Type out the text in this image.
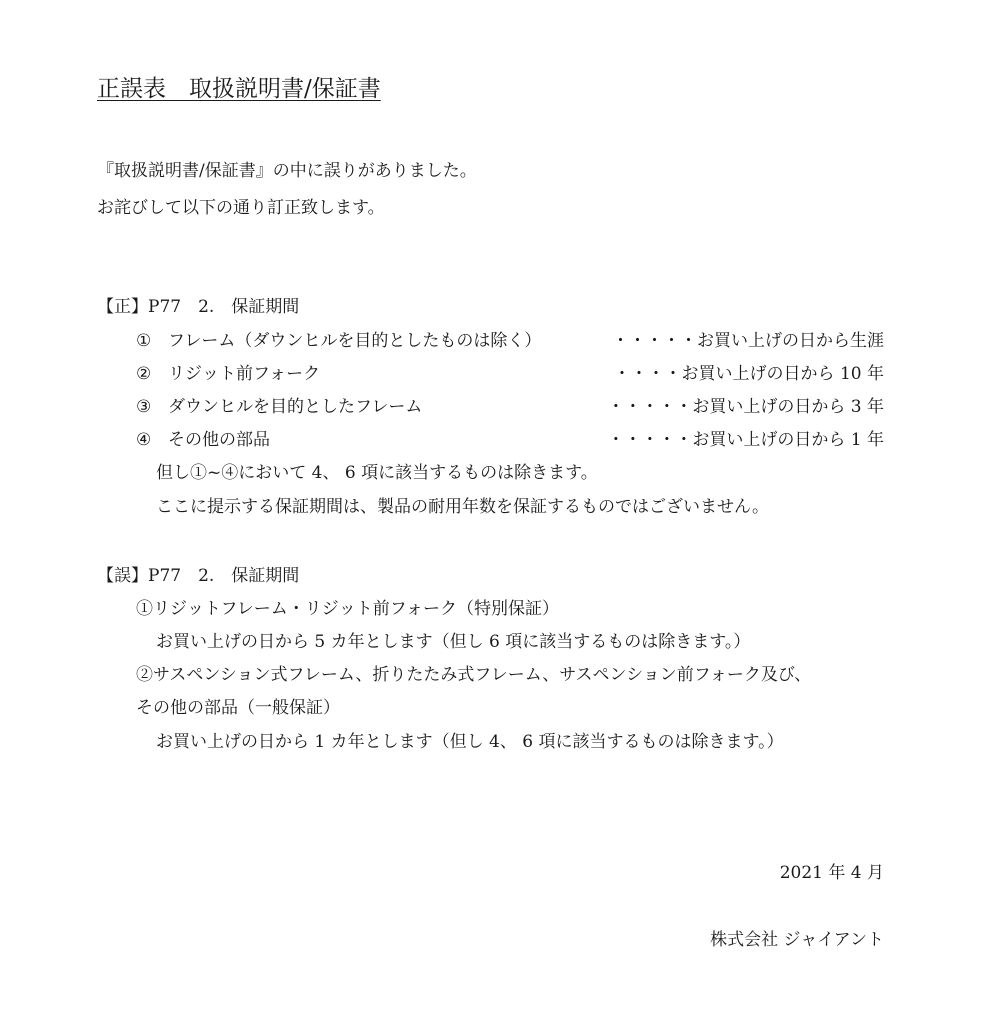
正誤表　取扱説明書/保証書
『取扱説明書/保証書』の中に誤りがありました。
お詫びして以下の通り訂正致します。
【正】P77　2.　保証期間
① フレーム（ダウンヒルを目的としたものは除く）	・・・・・お買い上げの日から生涯
② リジット前フォーク	・・・・お買い上げの日から 10 年
③ ダウンヒルを目的としたフレーム	・・・・・お買い上げの日から 3 年
④ その他の部品	・・・・・お買い上げの日から 1 年
但し①~④において 4、 6 項に該当するものは除きます。
ここに提示する保証期間は、製品の耐用年数を保証するものではございません。
【誤】P77　2.　保証期間
①リジットフレーム・リジット前フォーク（特別保証）
お買い上げの日から 5 カ年とします（但し 6 項に該当するものは除きます。）
②サスペンション式フレーム、折りたたみ式フレーム、サスペンション前フォーク及び、
その他の部品（一般保証）
お買い上げの日から 1 カ年とします（但し 4、 6 項に該当するものは除きます。）
2021 年 4 月
株式会社 ジャイアント
